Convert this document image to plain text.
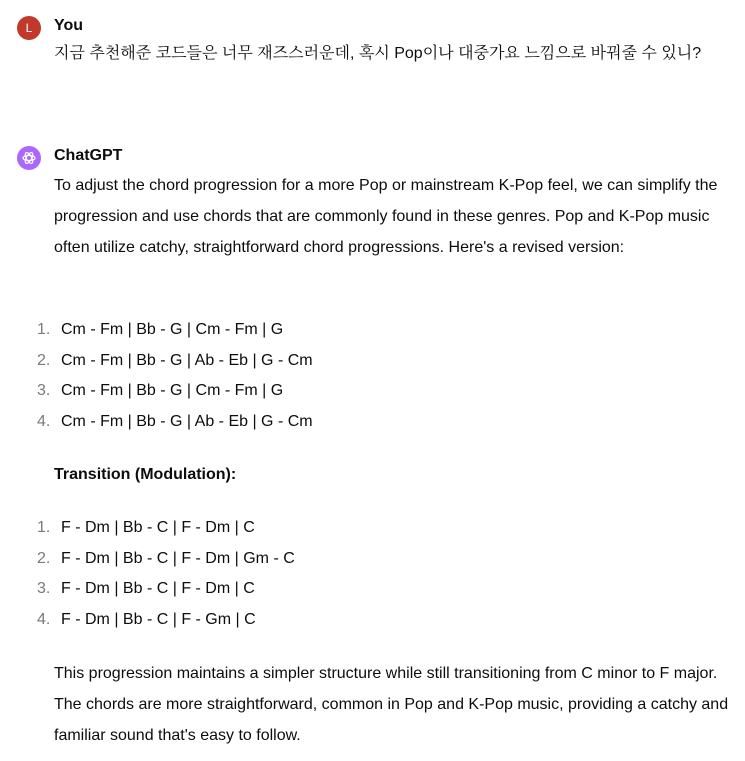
L You
지금 추천해준 코드들은 너무 재즈스러운데, 혹시 Pop이나 대중가요 느낌으로 바꿔줄 수 있니?
ChatGPT

To adjust the chord progression for a more Pop or mainstream K-Pop feel, we can simplify the progression and use chords that are commonly found in these genres. Pop and K-Pop music often utilize catchy, straightforward chord progressions. Here's a revised version:

1. Cm - Fm | Bb - G | Cm - Fm | G
2. Cm - Fm | Bb - G | Ab - Eb | G - Cm
3. Cm - Fm | Bb - G | Cm - Fm | G
4. Cm - Fm | Bb - G | Ab - Eb | G - Cm
Transition (Modulation):
1. F - Dm | Bb - C | F - Dm | C
2. F - Dm | Bb - C | F - Dm | Gm - C
3. F - Dm | Bb - C | F - Dm | C
4. F - Dm | Bb - C | F - Gm | C

This progression maintains a simpler structure while still transitioning from C minor to F major. The chords are more straightforward, common in Pop and K-Pop music, providing a catchy and familiar sound that's easy to follow.
